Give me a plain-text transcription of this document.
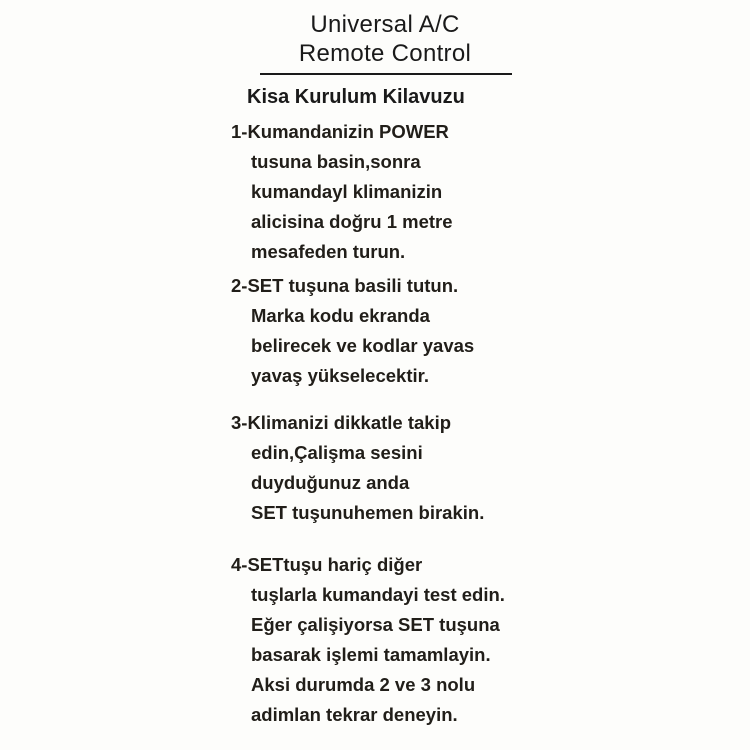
Universal A/C
Remote Control
Kisa Kurulum Kilavuzu
1-Kumandanizin POWER
tusuna basin,sonra
kumandayl klimanizin
alicisina doğru 1 metre
mesafeden turun.
2-SET tuşuna basili tutun.
Marka kodu ekranda
belirecek ve kodlar yavas
yavaş yükselecektir.
3-Klimanizi dikkatle takip
edin,Çalişma sesini
duyduğunuz anda
SET tuşunuhemen birakin.
4-SETtuşu hariç diğer
tuşlarla kumandayi test edin.
Eğer çalişiyorsa SET tuşuna
basarak işlemi tamamlayin.
Aksi durumda 2 ve 3 nolu
adimlan tekrar deneyin.
